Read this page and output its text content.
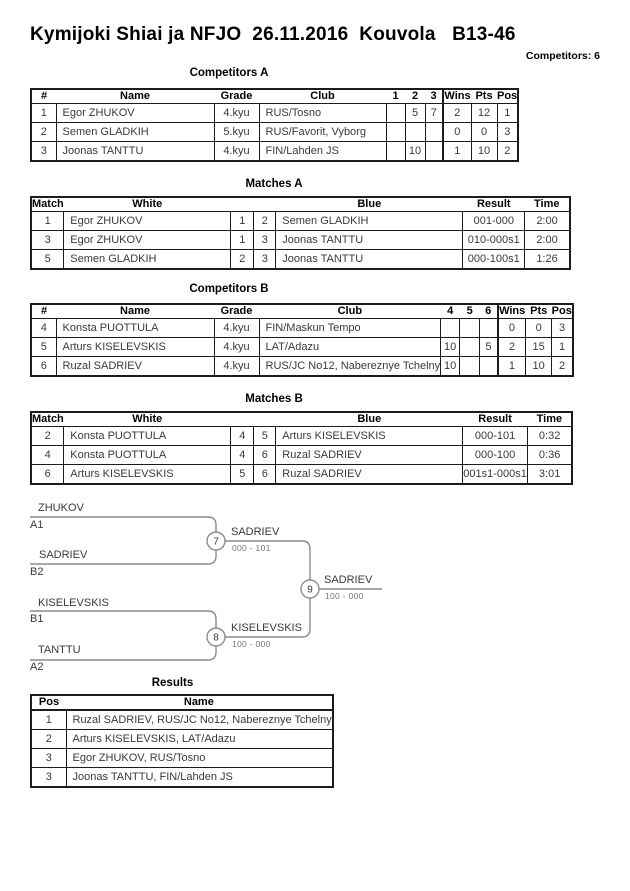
Kymijoki Shiai ja NFJO  26.11.2016  Kouvola   B13-46
Competitors: 6
Competitors A
#	Name	Grade	Club	1	2	3	Wins	Pts	Pos
1	Egor ZHUKOV	4.kyu	RUS/Tosno		5	7	2	12	1
2	Semen GLADKIH	5.kyu	RUS/Favorit, Vyborg				0	0	3
3	Joonas TANTTU	4.kyu	FIN/Lahden JS		10		1	10	2
Matches A
Match	White			Blue	Result	Time
1	Egor ZHUKOV	1	2	Semen GLADKIH	001-000	2:00
3	Egor ZHUKOV	1	3	Joonas TANTTU	010-000s1	2:00
5	Semen GLADKIH	2	3	Joonas TANTTU	000-100s1	1:26
Competitors B
#	Name	Grade	Club	4	5	6	Wins	Pts	Pos
4	Konsta PUOTTULA	4.kyu	FIN/Maskun Tempo				0	0	3
5	Arturs KISELEVSKIS	4.kyu	LAT/Adazu	10		5	2	15	1
6	Ruzal SADRIEV	4.kyu	RUS/JC No12, Nabereznye Tchelny	10			1	10	2
Matches B
Match	White			Blue	Result	Time
2	Konsta PUOTTULA	4	5	Arturs KISELEVSKIS	000-101	0:32
4	Konsta PUOTTULA	4	6	Ruzal SADRIEV	000-100	0:36
6	Arturs KISELEVSKIS	5	6	Ruzal SADRIEV	001s1-000s1	3:01
7
8
9
ZHUKOV
A1
SADRIEV
B2
KISELEVSKIS
B1
TANTTU
A2
SADRIEV
000 - 101
KISELEVSKIS
100 - 000
SADRIEV
100 - 000
Results
Pos	Name
1	Ruzal SADRIEV, RUS/JC No12, Nabereznye Tchelny
2	Arturs KISELEVSKIS, LAT/Adazu
3	Egor ZHUKOV, RUS/Tosno
3	Joonas TANTTU, FIN/Lahden JS
